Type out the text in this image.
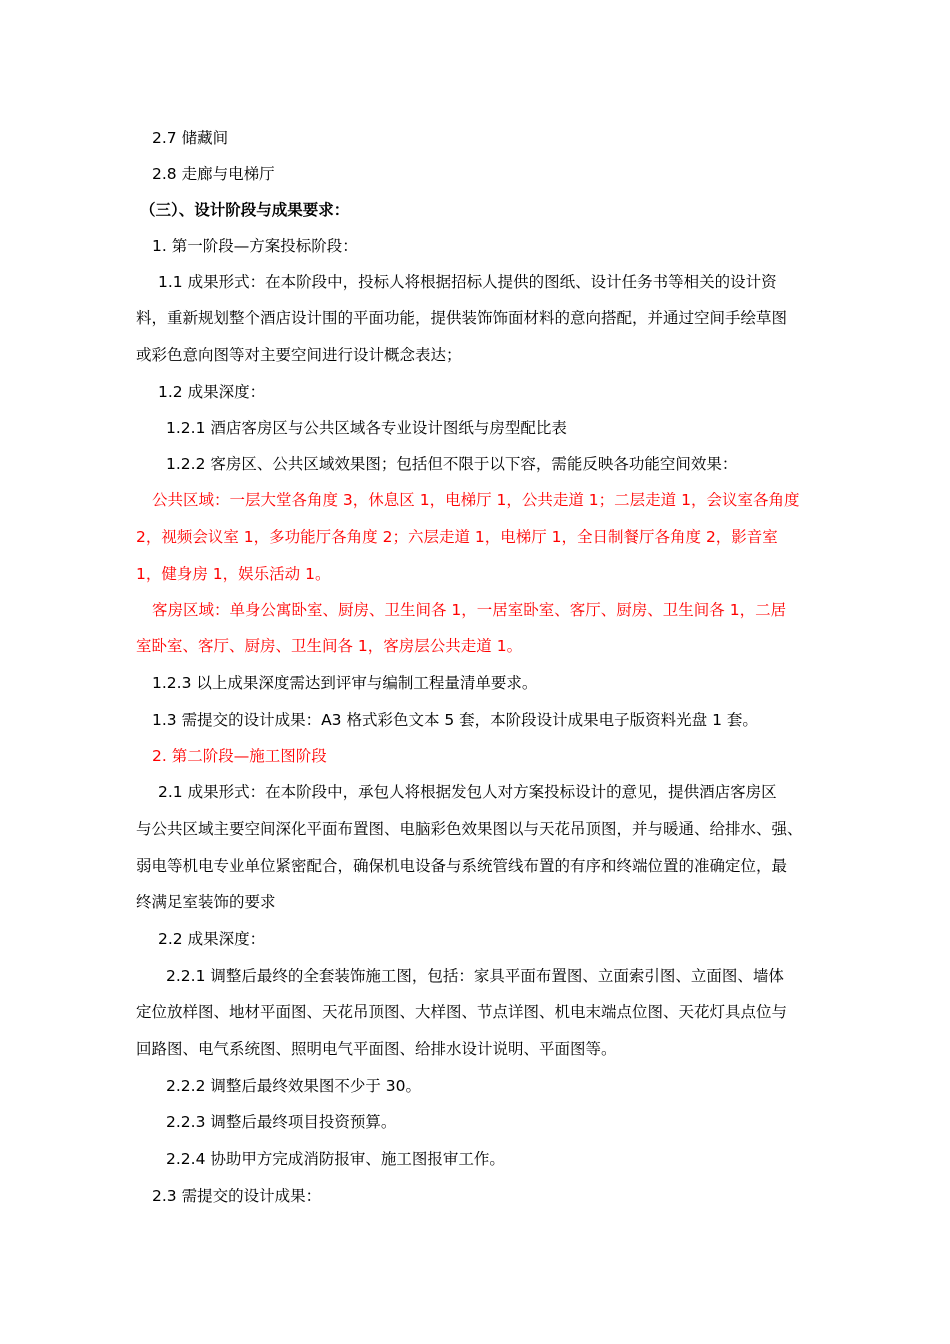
2.7 储藏间
2.8 走廊与电梯厅
（三）、设计阶段与成果要求：
1. 第一阶段—方案投标阶段：
1.1 成果形式：在本阶段中，投标人将根据招标人提供的图纸、设计任务书等相关的设计资
料，重新规划整个酒店设计围的平面功能，提供装饰饰面材料的意向搭配，并通过空间手绘草图
或彩色意向图等对主要空间进行设计概念表达；
1.2 成果深度：
1.2.1 酒店客房区与公共区域各专业设计图纸与房型配比表
1.2.2 客房区、公共区域效果图；包括但不限于以下容，需能反映各功能空间效果：
公共区域：一层大堂各角度 3，休息区 1，电梯厅 1，公共走道 1；二层走道 1，会议室各角度
2，视频会议室 1，多功能厅各角度 2；六层走道 1，电梯厅 1，全日制餐厅各角度 2，影音室
1，健身房 1，娱乐活动 1。
客房区域：单身公寓卧室、厨房、卫生间各 1，一居室卧室、客厅、厨房、卫生间各 1，二居
室卧室、客厅、厨房、卫生间各 1，客房层公共走道 1。
1.2.3 以上成果深度需达到评审与编制工程量清单要求。
1.3 需提交的设计成果：A3 格式彩色文本 5 套，本阶段设计成果电子版资料光盘 1 套。
2. 第二阶段—施工图阶段
2.1 成果形式：在本阶段中，承包人将根据发包人对方案投标设计的意见，提供酒店客房区
与公共区域主要空间深化平面布置图、电脑彩色效果图以与天花吊顶图，并与暖通、给排水、强、
弱电等机电专业单位紧密配合，确保机电设备与系统管线布置的有序和终端位置的准确定位，最
终满足室装饰的要求
2.2 成果深度：
2.2.1 调整后最终的全套装饰施工图，包括：家具平面布置图、立面索引图、立面图、墙体
定位放样图、地材平面图、天花吊顶图、大样图、节点详图、机电末端点位图、天花灯具点位与
回路图、电气系统图、照明电气平面图、给排水设计说明、平面图等。
2.2.2 调整后最终效果图不少于 30。
2.2.3 调整后最终项目投资预算。
2.2.4 协助甲方完成消防报审、施工图报审工作。
2.3 需提交的设计成果：
